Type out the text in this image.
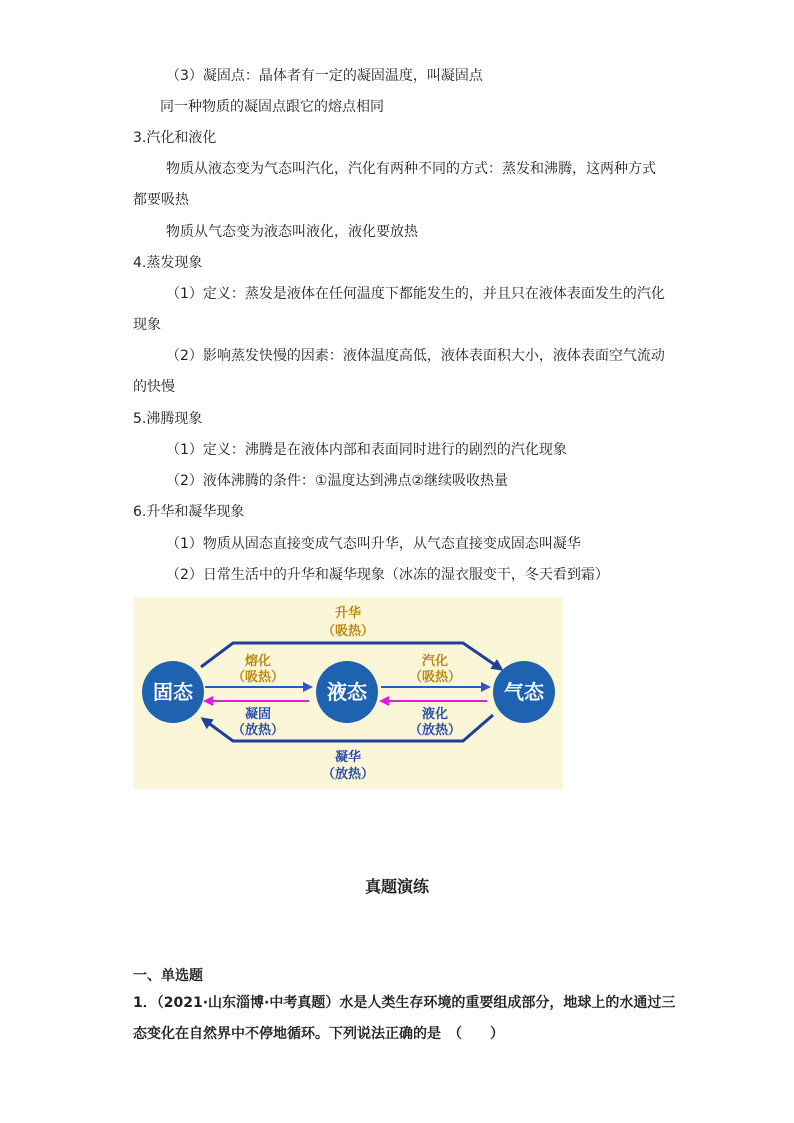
（3）凝固点：晶体者有一定的凝固温度，叫凝固点
同一种物质的凝固点跟它的熔点相同
3.汽化和液化
物质从液态变为气态叫汽化，汽化有两种不同的方式：蒸发和沸腾，这两种方式
都要吸热
物质从气态变为液态叫液化，液化要放热
4.蒸发现象
（1）定义：蒸发是液体在任何温度下都能发生的，并且只在液体表面发生的汽化
现象
（2）影响蒸发快慢的因素：液体温度高低，液体表面积大小，液体表面空气流动
的快慢
5.沸腾现象
（1）定义：沸腾是在液体内部和表面同时进行的剧烈的汽化现象
（2）液体沸腾的条件：①温度达到沸点②继续吸收热量
6.升华和凝华现象
（1）物质从固态直接变成气态叫升华，从气态直接变成固态叫凝华
（2）日常生活中的升华和凝华现象（冰冻的湿衣服变干，冬天看到霜）
固态	液态	气态
升华
（吸热）
熔化
（吸热）
汽化
（吸热）
凝固
（放热）
液化
（放热）
凝华
（放热）
真题演练
一、单选题
1．（2021·山东淄博·中考真题）水是人类生存环境的重要组成部分，地球上的水通过三
态变化在自然界中不停地循环。下列说法正确的是　（　　）
